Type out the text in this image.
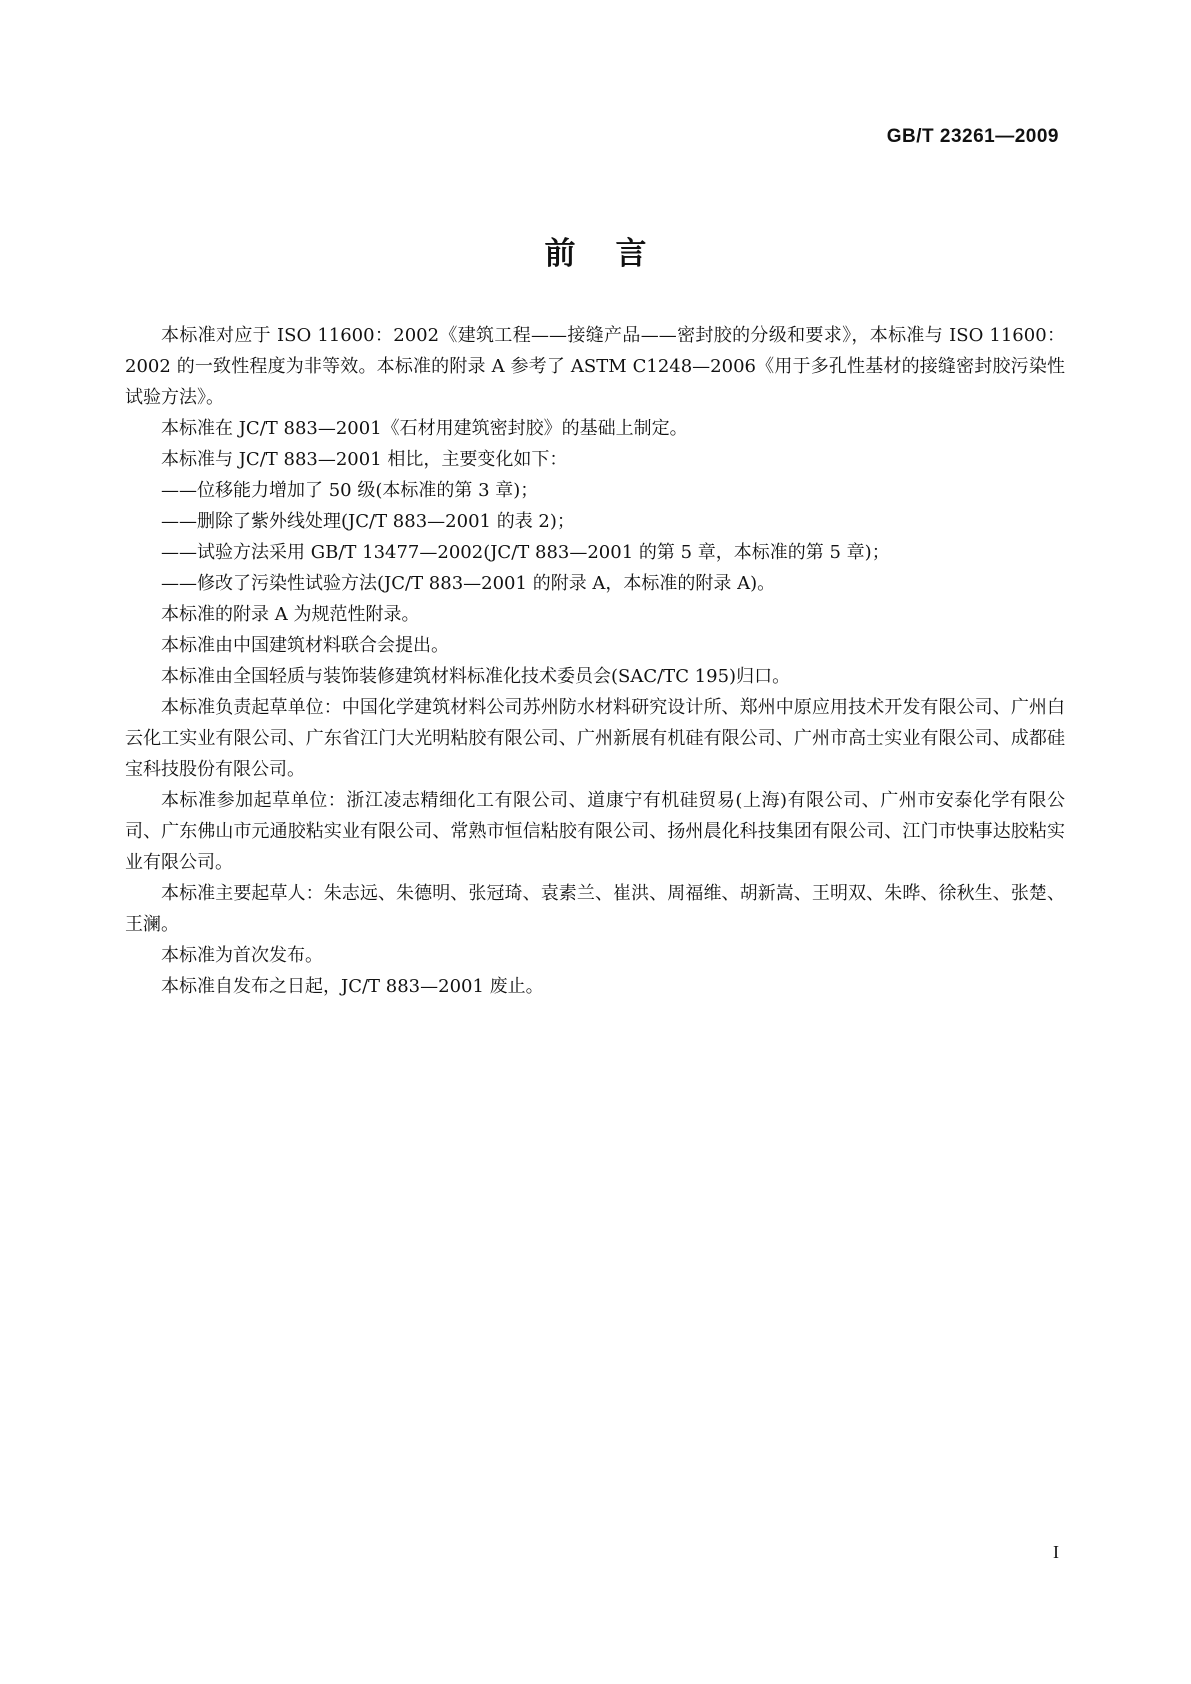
GB/T 23261—2009
前言

本标准对应于 ISO 11600：2002《建筑工程——接缝产品——密封胶的分级和要求》，本标准与 ISO 11600：2002 的一致性程度为非等效。本标准的附录 A 参考了 ASTM C1248—2006《用于多孔性基材的接缝密封胶污染性试验方法》。

本标准在 JC/T 883—2001《石材用建筑密封胶》的基础上制定。

本标准与 JC/T 883—2001 相比，主要变化如下：

——位移能力增加了 50 级(本标准的第 3 章)；

——删除了紫外线处理(JC/T 883—2001 的表 2)；

——试验方法采用 GB/T 13477—2002(JC/T 883—2001 的第 5 章，本标准的第 5 章)；

——修改了污染性试验方法(JC/T 883—2001 的附录 A，本标准的附录 A)。

本标准的附录 A 为规范性附录。

本标准由中国建筑材料联合会提出。

本标准由全国轻质与装饰装修建筑材料标准化技术委员会(SAC/TC 195)归口。

本标准负责起草单位：中国化学建筑材料公司苏州防水材料研究设计所、郑州中原应用技术开发有限公司、广州白云化工实业有限公司、广东省江门大光明粘胶有限公司、广州新展有机硅有限公司、广州市高士实业有限公司、成都硅宝科技股份有限公司。

本标准参加起草单位：浙江凌志精细化工有限公司、道康宁有机硅贸易(上海)有限公司、广州市安泰化学有限公司、广东佛山市元通胶粘实业有限公司、常熟市恒信粘胶有限公司、扬州晨化科技集团有限公司、江门市快事达胶粘实业有限公司。

本标准主要起草人：朱志远、朱德明、张冠琦、袁素兰、崔洪、周福维、胡新嵩、王明双、朱晔、徐秋生、张楚、王澜。

本标准为首次发布。

本标准自发布之日起，JC/T 883—2001 废止。

I
